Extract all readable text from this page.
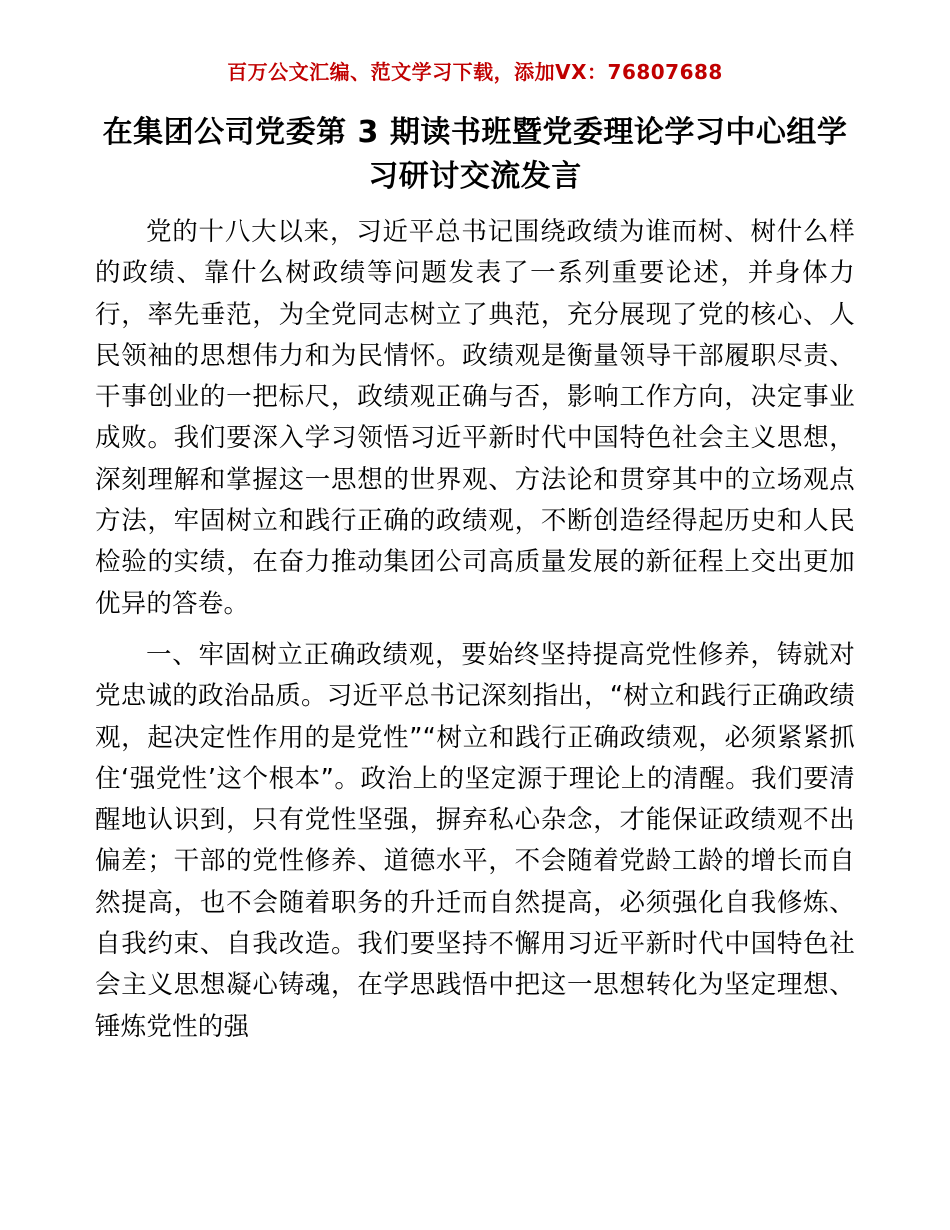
百万公文汇编、范文学习下载，添加VX：76807688
在集团公司党委第 3 期读书班暨党委理论学习中心组学习研讨交流发言

党的十八大以来，习近平总书记围绕政绩为谁而树、树什么样的政绩、靠什么树政绩等问题发表了一系列重要论述，并身体力行，率先垂范，为全党同志树立了典范，充分展现了党的核心、人民领袖的思想伟力和为民情怀。政绩观是衡量领导干部履职尽责、干事创业的一把标尺，政绩观正确与否，影响工作方向，决定事业成败。我们要深入学习领悟习近平新时代中国特色社会主义思想，深刻理解和掌握这一思想的世界观、方法论和贯穿其中的立场观点方法，牢固树立和践行正确的政绩观，不断创造经得起历史和人民检验的实绩，在奋力推动集团公司高质量发展的新征程上交出更加优异的答卷。

一、牢固树立正确政绩观，要始终坚持提高党性修养，铸就对党忠诚的政治品质。习近平总书记深刻指出，“树立和践行正确政绩观，起决定性作用的是党性”“树立和践行正确政绩观，必须紧紧抓住‘强党性’这个根本”。政治上的坚定源于理论上的清醒。我们要清醒地认识到，只有党性坚强，摒弃私心杂念，才能保证政绩观不出偏差；干部的党性修养、道德水平，不会随着党龄工龄的增长而自然提高，也不会随着职务的升迁而自然提高，必须强化自我修炼、自我约束、自我改造。我们要坚持不懈用习近平新时代中国特色社会主义思想凝心铸魂，在学思践悟中把这一思想转化为坚定理想、锤炼党性的强
